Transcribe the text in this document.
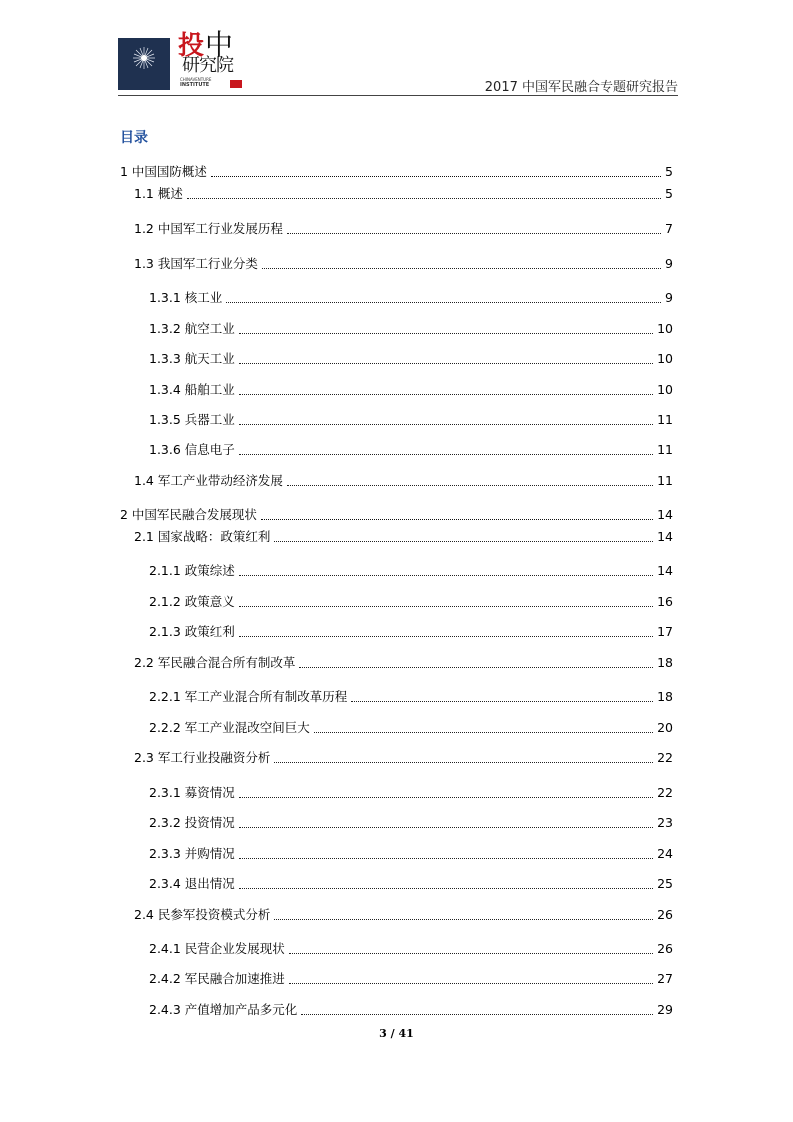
投 中
研究院
CHINAVENTURE
INSTITUTE	2017 中国军民融合专题研究报告
目录
1 中国国防概述	5
1.1 概述	5
1.2 中国军工行业发展历程	7
1.3 我国军工行业分类	9
1.3.1 核工业	9
1.3.2 航空工业	10
1.3.3 航天工业	10
1.3.4 船舶工业	10
1.3.5 兵器工业	11
1.3.6 信息电子	11
1.4 军工产业带动经济发展	11
2 中国军民融合发展现状	14
2.1 国家战略：政策红利	14
2.1.1 政策综述	14
2.1.2 政策意义	16
2.1.3 政策红利	17
2.2 军民融合混合所有制改革	18
2.2.1 军工产业混合所有制改革历程	18
2.2.2 军工产业混改空间巨大	20
2.3 军工行业投融资分析	22
2.3.1 募资情况	22
2.3.2 投资情况	23
2.3.3 并购情况	24
2.3.4 退出情况	25
2.4 民参军投资模式分析	26
2.4.1 民营企业发展现状	26
2.4.2 军民融合加速推进	27
2.4.3 产值增加产品多元化	29
3 / 41
